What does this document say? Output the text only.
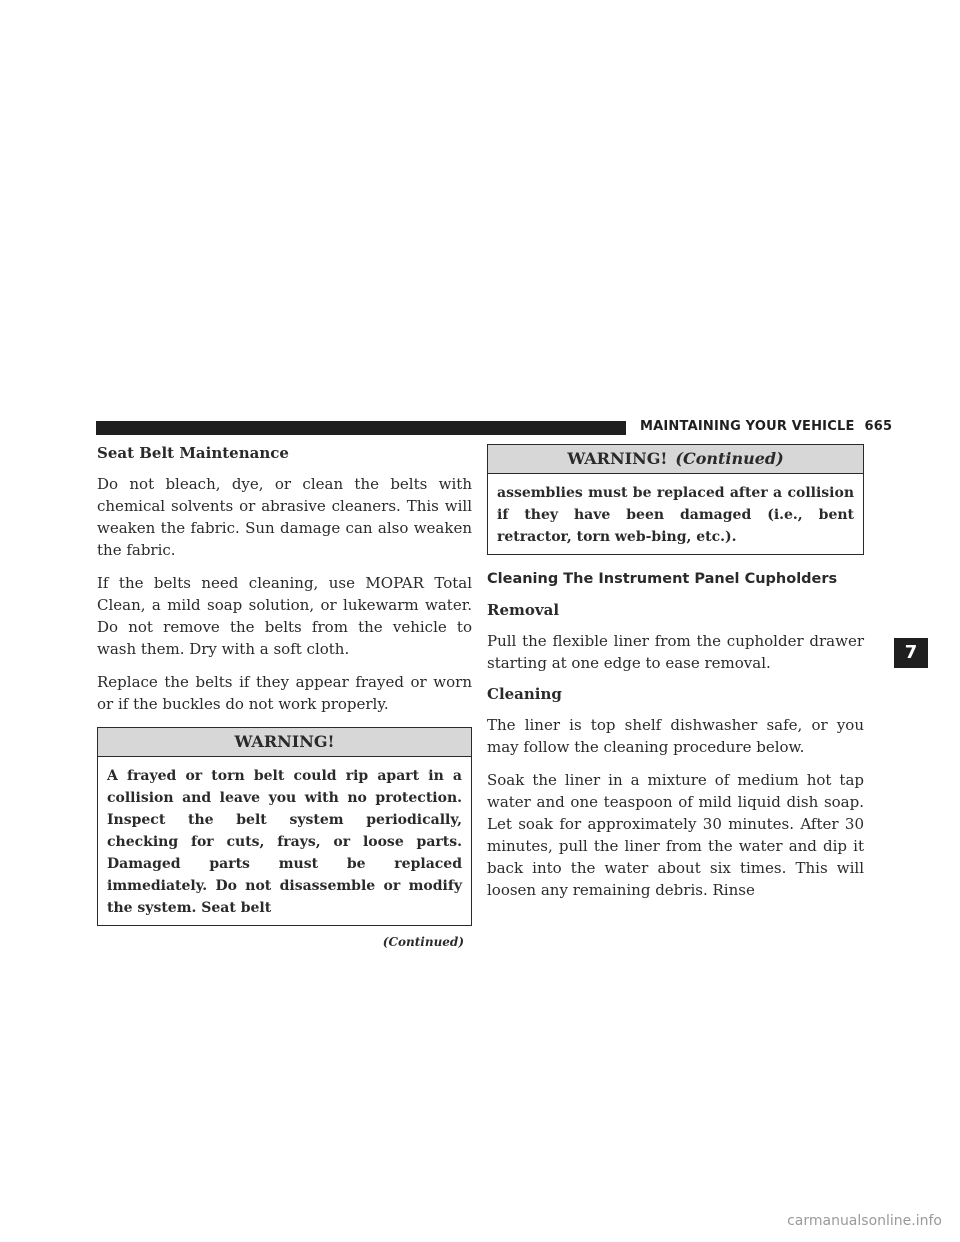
MAINTAINING YOUR VEHICLE 665
Seat Belt Maintenance

Do not bleach, dye, or clean the belts with chemical solvents or abrasive cleaners. This will weaken the fabric. Sun damage can also weaken the fabric.

If the belts need cleaning, use MOPAR Total Clean, a mild soap solution, or lukewarm water. Do not remove the belts from the vehicle to wash them. Dry with a soft cloth.

Replace the belts if they appear frayed or worn or if the buckles do not work properly.

WARNING!
A frayed or torn belt could rip apart in a collision and leave you with no protection. Inspect the belt system periodically, checking for cuts, frays, or loose parts. Damaged parts must be replaced immediately. Do not disassemble or modify the system. Seat belt
(Continued)
WARNING! (Continued)
assemblies must be replaced after a collision if they have been damaged (i.e., bent retractor, torn web-bing, etc.).
Cleaning The Instrument Panel Cupholders
Removal

Pull the flexible liner from the cupholder drawer starting at one edge to ease removal.

Cleaning

The liner is top shelf dishwasher safe, or you may follow the cleaning procedure below.

Soak the liner in a mixture of medium hot tap water and one teaspoon of mild liquid dish soap. Let soak for approximately 30 minutes. After 30 minutes, pull the liner from the water and dip it back into the water about six times. This will loosen any remaining debris. Rinse

7
carmanualsonline.info
